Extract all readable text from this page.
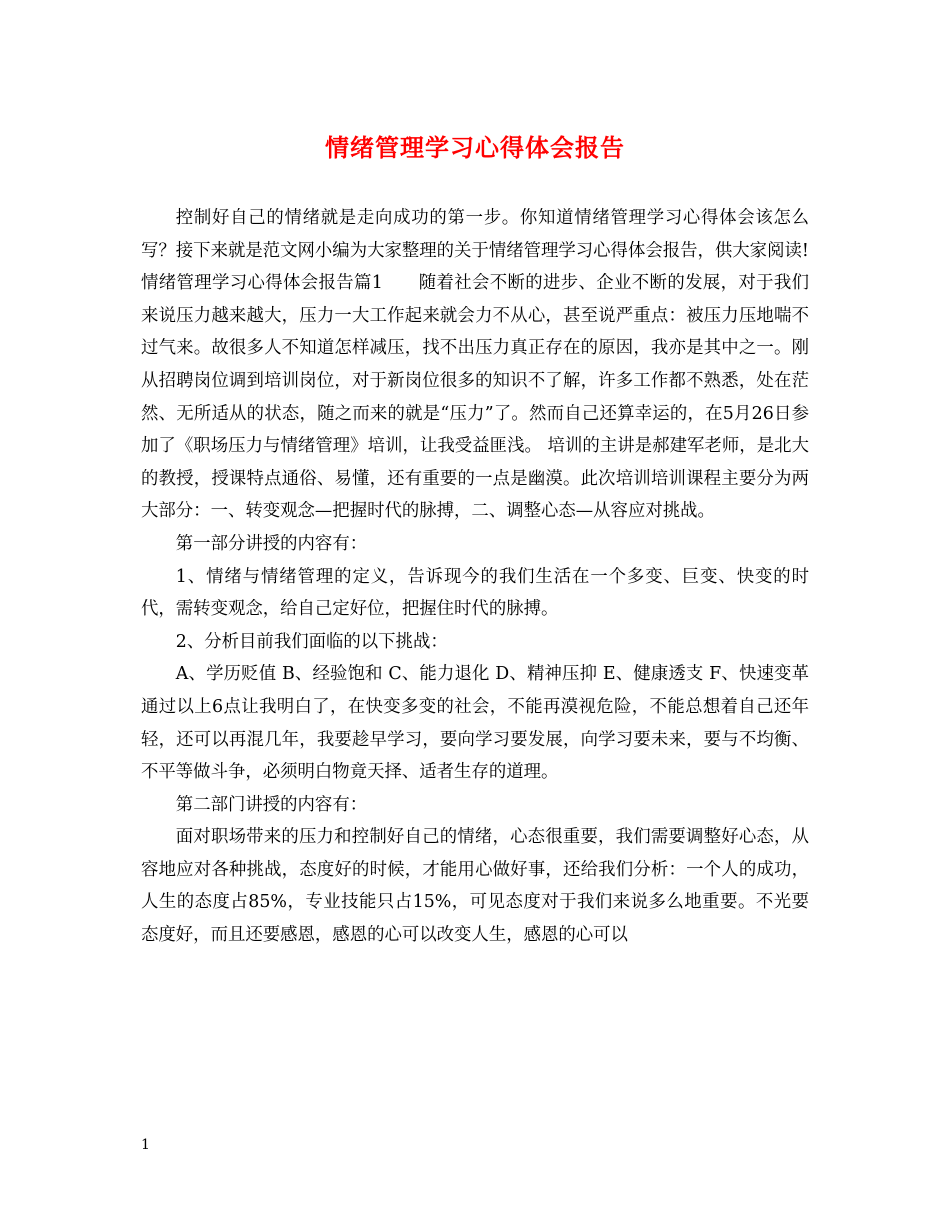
情绪管理学习心得体会报告

控制好自己的情绪就是走向成功的第一步。你知道情绪管理学习心得体会该怎么写？接下来就是范文网小编为大家整理的关于情绪管理学习心得体会报告，供大家阅读!

情绪管理学习心得体会报告篇1　　随着社会不断的进步、企业不断的发展，对于我们来说压力越来越大，压力一大工作起来就会力不从心，甚至说严重点：被压力压地喘不过气来。故很多人不知道怎样减压，找不出压力真正存在的原因，我亦是其中之一。刚从招聘岗位调到培训岗位，对于新岗位很多的知识不了解，许多工作都不熟悉，处在茫然、无所适从的状态，随之而来的就是“压力”了。然而自己还算幸运的，在5月26日参加了《职场压力与情绪管理》培训，让我受益匪浅。 培训的主讲是郝建军老师，是北大的教授，授课特点通俗、易懂，还有重要的一点是幽漠。此次培训培训课程主要分为两大部分：一、转变观念—把握时代的脉搏，二、调整心态—从容应对挑战。

第一部分讲授的内容有：

1、情绪与情绪管理的定义，告诉现今的我们生活在一个多变、巨变、快变的时代，需转变观念，给自己定好位，把握住时代的脉搏。

2、分析目前我们面临的以下挑战：

A、学历贬值 B、经验饱和 C、能力退化 D、精神压抑 E、健康透支 F、快速变革 通过以上6点让我明白了，在快变多变的社会，不能再漠视危险，不能总想着自己还年轻，还可以再混几年，我要趁早学习，要向学习要发展，向学习要未来，要与不均衡、不平等做斗争，必须明白物竟天择、适者生存的道理。

第二部门讲授的内容有：

面对职场带来的压力和控制好自己的情绪，心态很重要，我们需要调整好心态，从容地应对各种挑战，态度好的时候，才能用心做好事，还给我们分析：一个人的成功，人生的态度占85%，专业技能只占15%，可见态度对于我们来说多么地重要。不光要态度好，而且还要感恩，感恩的心可以改变人生，感恩的心可以

1
